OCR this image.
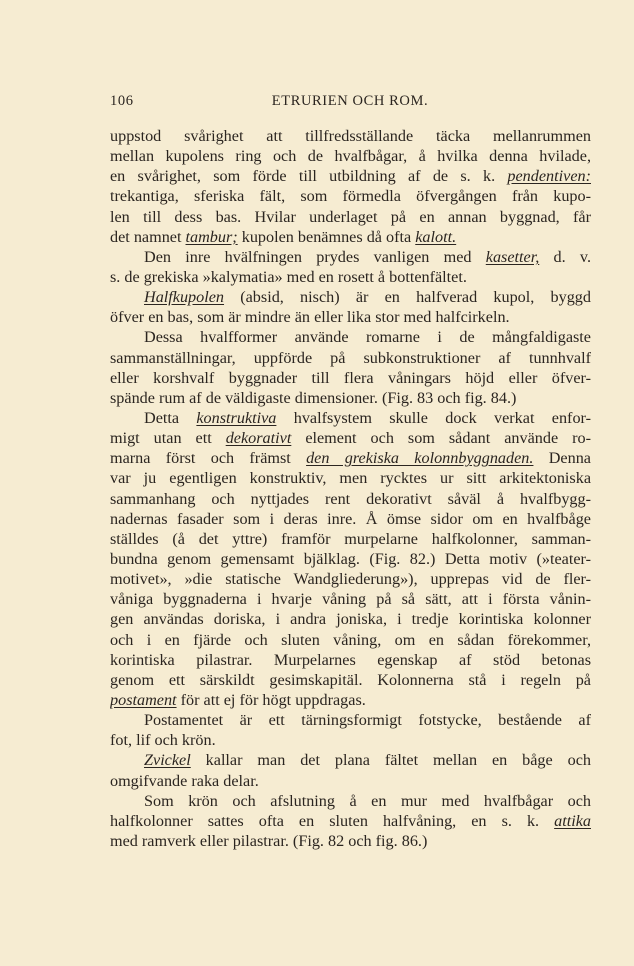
106	ETRURIEN OCH ROM.
uppstod svårighet att tillfredsställande täcka mellanrummen
mellan kupolens ring och de hvalfbågar, å hvilka denna hvilade,
en svårighet, som förde till utbildning af de s. k. pendentiven:
trekantiga, sferiska fält, som förmedla öfvergången från kupo-
len till dess bas. Hvilar underlaget på en annan byggnad, får
det namnet tambur; kupolen benämnes då ofta kalott.
Den inre hvälfningen prydes vanligen med kasetter, d. v.
s. de grekiska »kalymatia» med en rosett å bottenfältet.
Halfkupolen (absid, nisch) är en halfverad kupol, byggd
öfver en bas, som är mindre än eller lika stor med halfcirkeln.
Dessa hvalfformer använde romarne i de mångfaldigaste
sammanställningar, uppförde på subkonstruktioner af tunnhvalf
eller korshvalf byggnader till flera våningars höjd eller öfver-
spände rum af de väldigaste dimensioner. (Fig. 83 och fig. 84.)
Detta konstruktiva hvalfsystem skulle dock verkat enfor-
migt utan ett dekorativt element och som sådant använde ro-
marna först och främst den grekiska kolonnbyggnaden. Denna
var ju egentligen konstruktiv, men rycktes ur sitt arkitektoniska
sammanhang och nyttjades rent dekorativt såväl å hvalfbygg-
nadernas fasader som i deras inre. Å ömse sidor om en hvalfbåge
ställdes (å det yttre) framför murpelarne halfkolonner, samman-
bundna genom gemensamt bjälklag. (Fig. 82.) Detta motiv (»teater-
motivet», »die statische Wandgliederung»), upprepas vid de fler-
våniga byggnaderna i hvarje våning på så sätt, att i första vånin-
gen användas doriska, i andra joniska, i tredje korintiska kolonner
och i en fjärde och sluten våning, om en sådan förekommer,
korintiska pilastrar. Murpelarnes egenskap af stöd betonas
genom ett särskildt gesimskapitäl. Kolonnerna stå i regeln på
postament för att ej för högt uppdragas.
Postamentet är ett tärningsformigt fotstycke, bestående af
fot, lif och krön.
Zvickel kallar man det plana fältet mellan en båge och
omgifvande raka delar.
Som krön och afslutning å en mur med hvalfbågar och
halfkolonner sattes ofta en sluten halfvåning, en s. k. attika
med ramverk eller pilastrar. (Fig. 82 och fig. 86.)
